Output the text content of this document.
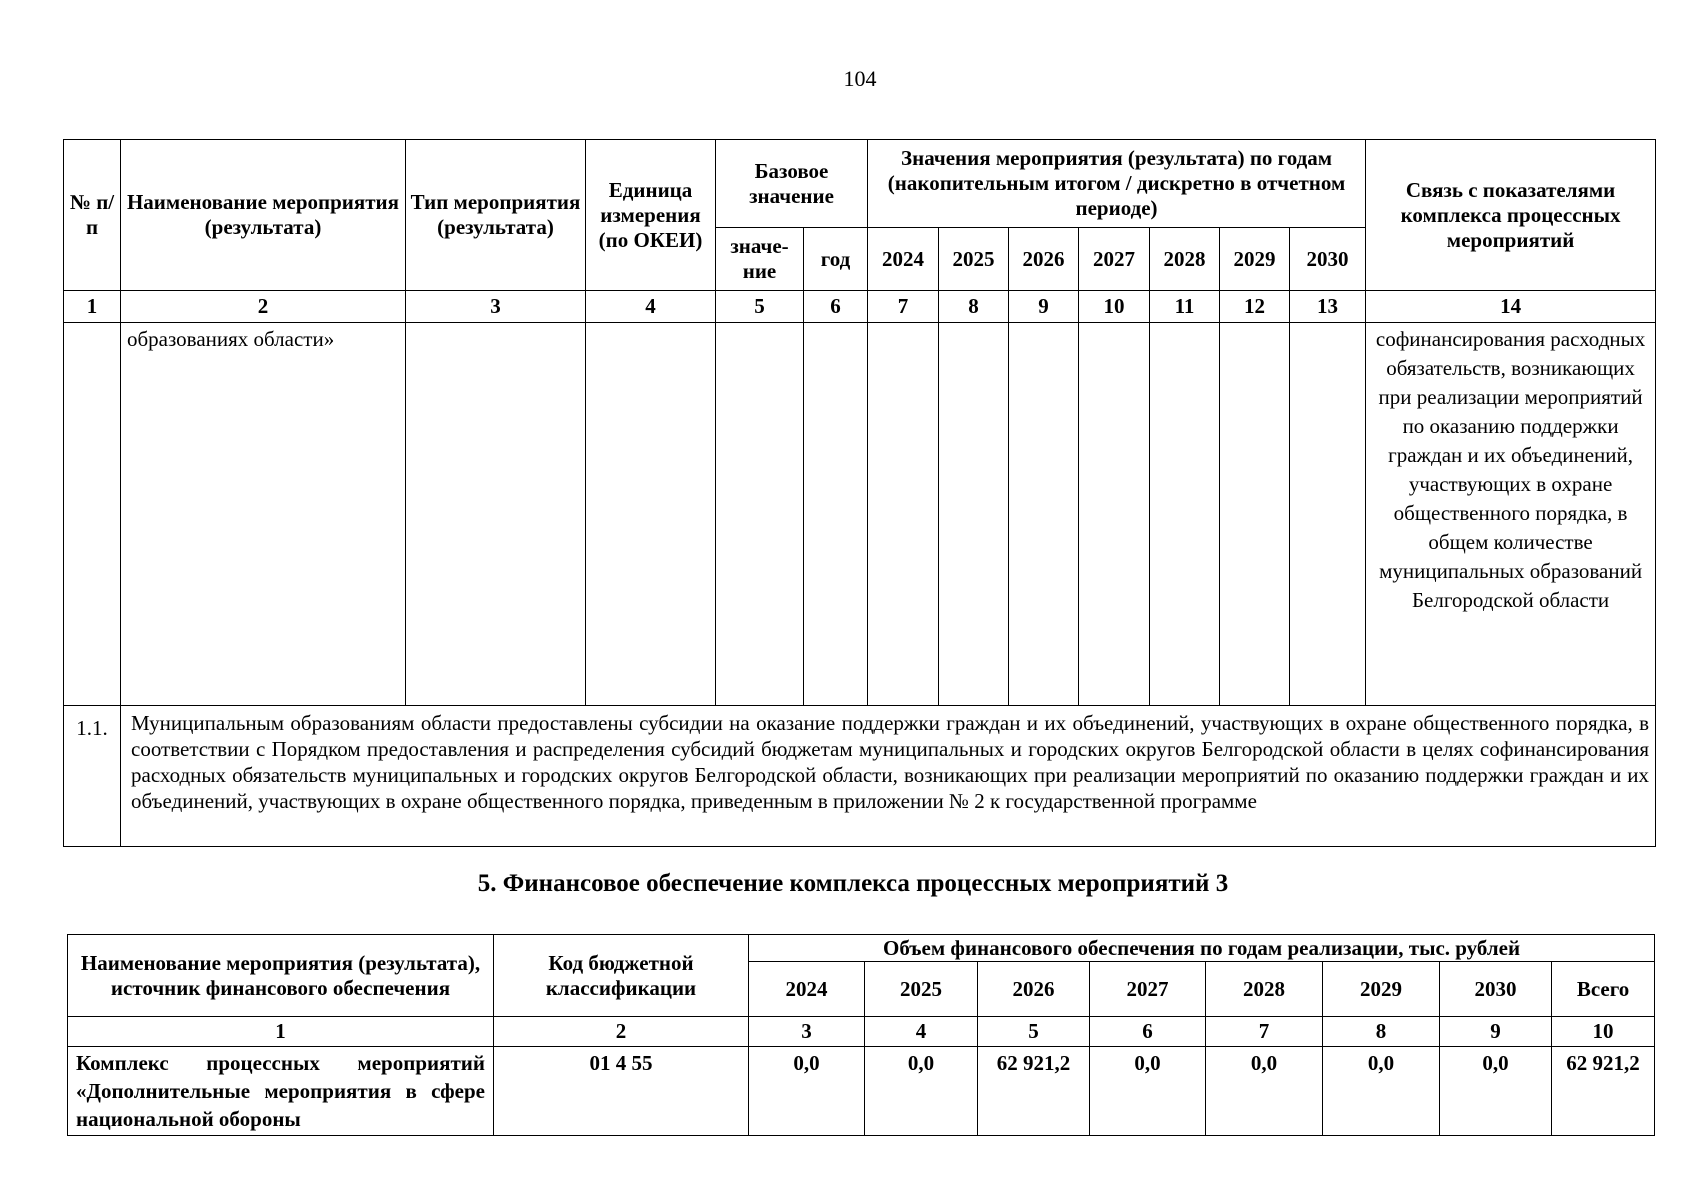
104
№ п/п	Наименование мероприятия (результата)	Тип мероприятия (результата)	Единица измерения (по ОКЕИ)	Базовое значение		Значения мероприятия (результата) по годам (накопительным итогом / дискретно в отчетном периоде)							Связь с показателями комплекса процессных мероприятий
				значе-ние	год	2024	2025	2026	2027	2028	2029	2030	
1	2	3	4	5	6	7	8	9	10	11	12	13	14
	образованиях области»												софинансирования расходных обязательств, возникающих при реализации мероприятий по оказанию поддержки граждан и их объединений, участвующих в охране общественного порядка, в общем количестве муниципальных образований Белгородской области
1.1.	Муниципальным образованиям области предоставлены субсидии на оказание поддержки граждан и их объединений, участвующих в охране общественного порядка, в соответствии с Порядком предоставления и распределения субсидий бюджетам муниципальных и городских округов Белгородской области в целях софинансирования расходных обязательств муниципальных и городских округов Белгородской области, возникающих при реализации мероприятий по оказанию поддержки граждан и их объединений, участвующих в охране общественного порядка, приведенным в приложении № 2 к государственной программе												
5. Финансовое обеспечение комплекса процессных мероприятий 3
Наименование мероприятия (результата), источник финансового обеспечения	Код бюджетной классификации	Объем финансового обеспечения по годам реализации, тыс. рублей							
		2024	2025	2026	2027	2028	2029	2030	Всего
1	2	3	4	5	6	7	8	9	10
Комплекс процессных мероприятий «Дополнительные мероприятия в сфере национальной обороны	01 4 55	0,0	0,0	62 921,2	0,0	0,0	0,0	0,0	62 921,2
